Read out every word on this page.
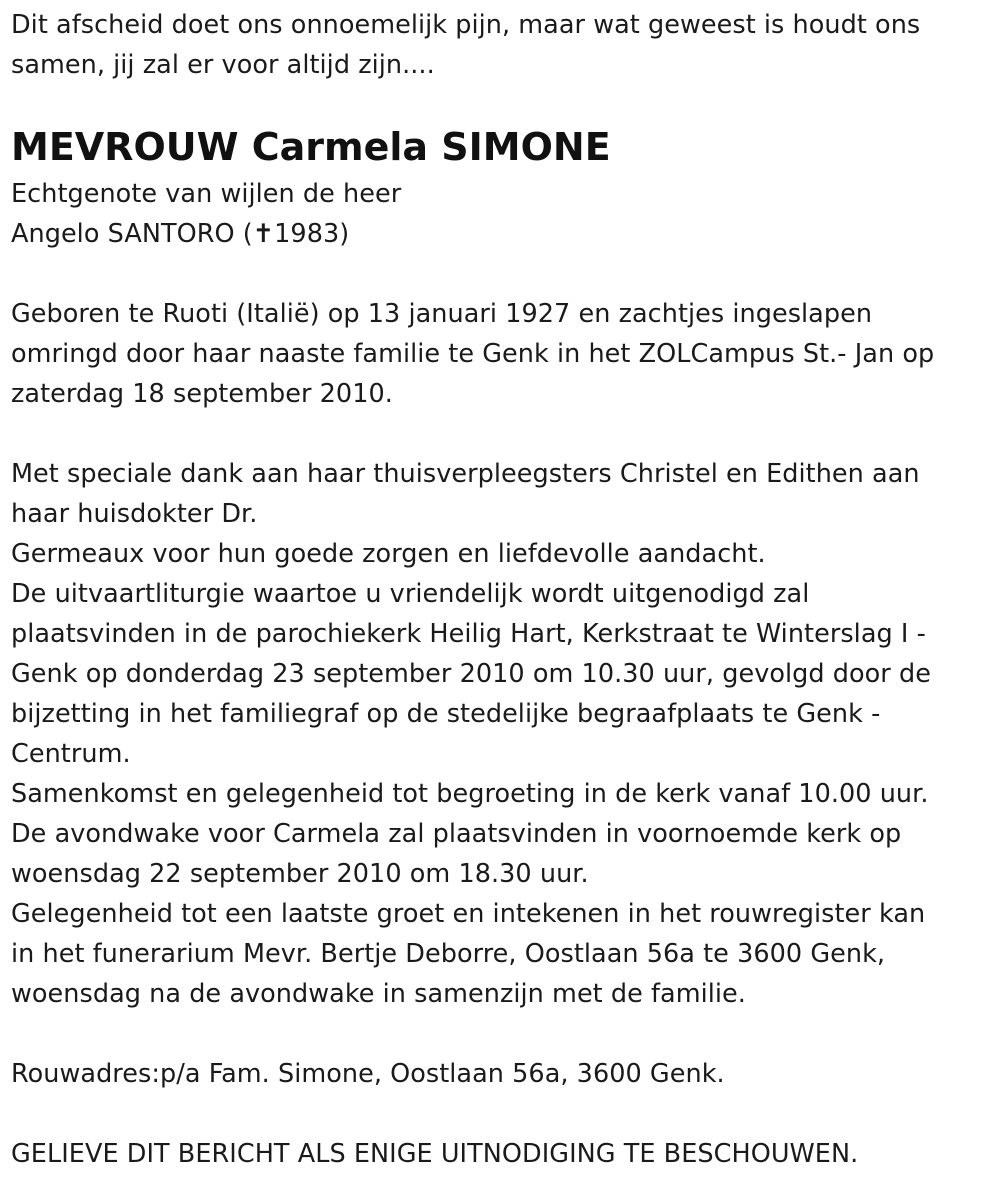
Dit afscheid doet ons onnoemelijk pijn, maar wat geweest is houdt ons
samen, jij zal er voor altijd zijn....
MEVROUW Carmela SIMONE
Echtgenote van wijlen de heer
Angelo SANTORO (✝1983)
Geboren te Ruoti (Italië) op 13 januari 1927 en zachtjes ingeslapen
omringd door haar naaste familie te Genk in het ZOLCampus St.- Jan op
zaterdag 18 september 2010.
Met speciale dank aan haar thuisverpleegsters Christel en Edithen aan
haar huisdokter Dr.
Germeaux voor hun goede zorgen en liefdevolle aandacht.
De uitvaartliturgie waartoe u vriendelijk wordt uitgenodigd zal
plaatsvinden in de parochiekerk Heilig Hart, Kerkstraat te Winterslag I -
Genk op donderdag 23 september 2010 om 10.30 uur, gevolgd door de
bijzetting in het familiegraf op de stedelijke begraafplaats te Genk -
Centrum.
Samenkomst en gelegenheid tot begroeting in de kerk vanaf 10.00 uur.
De avondwake voor Carmela zal plaatsvinden in voornoemde kerk op
woensdag 22 september 2010 om 18.30 uur.
Gelegenheid tot een laatste groet en intekenen in het rouwregister kan
in het funerarium Mevr. Bertje Deborre, Oostlaan 56a te 3600 Genk,
woensdag na de avondwake in samenzijn met de familie.
Rouwadres:p/a Fam. Simone, Oostlaan 56a, 3600 Genk.
GELIEVE DIT BERICHT ALS ENIGE UITNODIGING TE BESCHOUWEN.
